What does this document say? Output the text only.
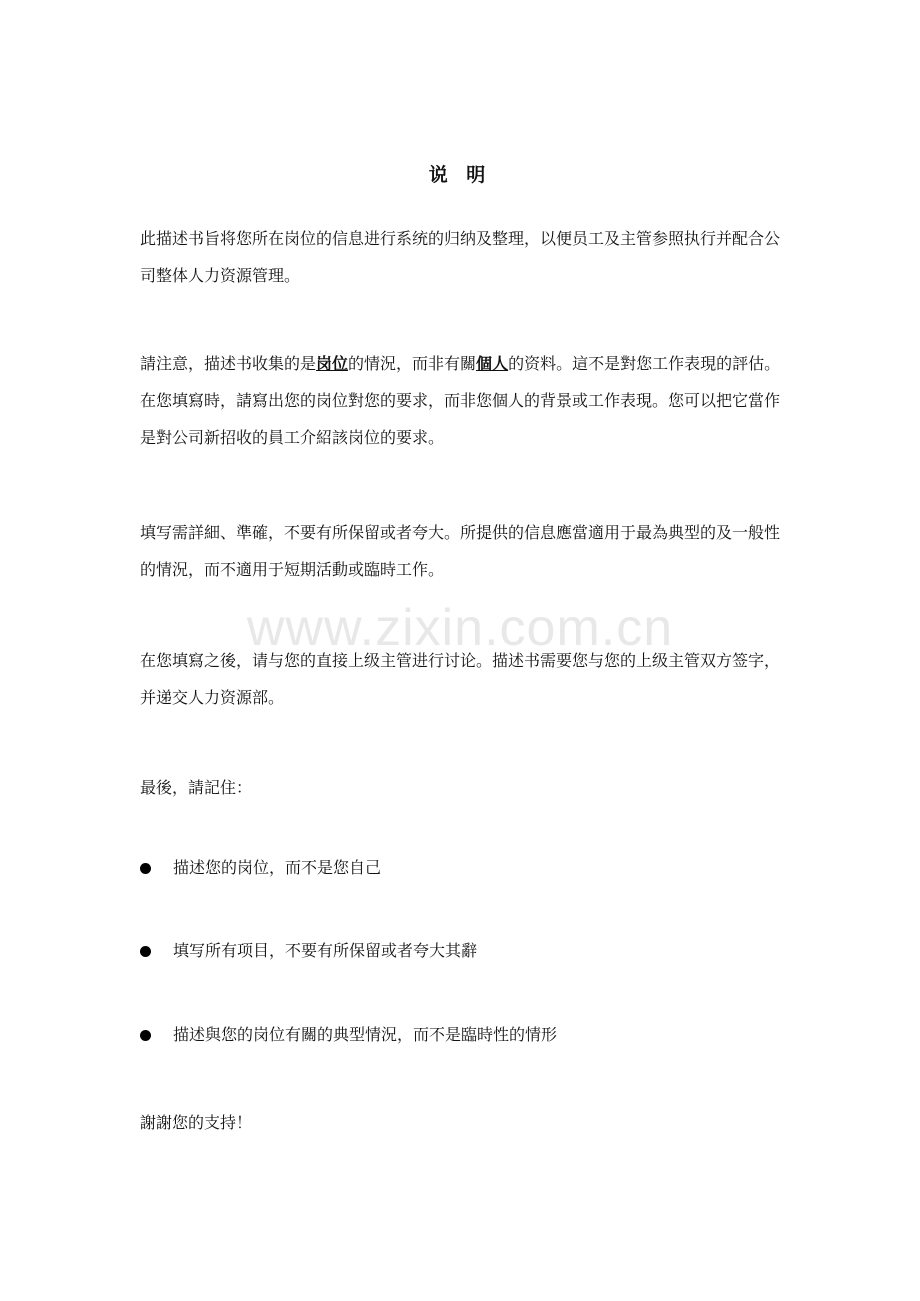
说 明

此描述书旨将您所在岗位的信息进行系统的归纳及整理，以便员工及主管参照执行并配合公司整体人力资源管理。

請注意，描述书收集的是岗位的情況，而非有關個人的资料。這不是對您工作表現的評估。在您填寫時，請寫出您的岗位對您的要求，而非您個人的背景或工作表現。您可以把它當作是對公司新招收的員工介紹該岗位的要求。

填写需詳細、準確，不要有所保留或者夸大。所提供的信息應當適用于最為典型的及一般性的情況，而不適用于短期活動或臨時工作。

在您填寫之後，请与您的直接上级主管进行讨论。描述书需要您与您的上级主管双方签字，并递交人力资源部。

最後，請記住：

描述您的岗位，而不是您自己
填写所有项目，不要有所保留或者夸大其辭
描述與您的岗位有關的典型情況，而不是臨時性的情形

謝謝您的支持！

www.zixin.com.cn
